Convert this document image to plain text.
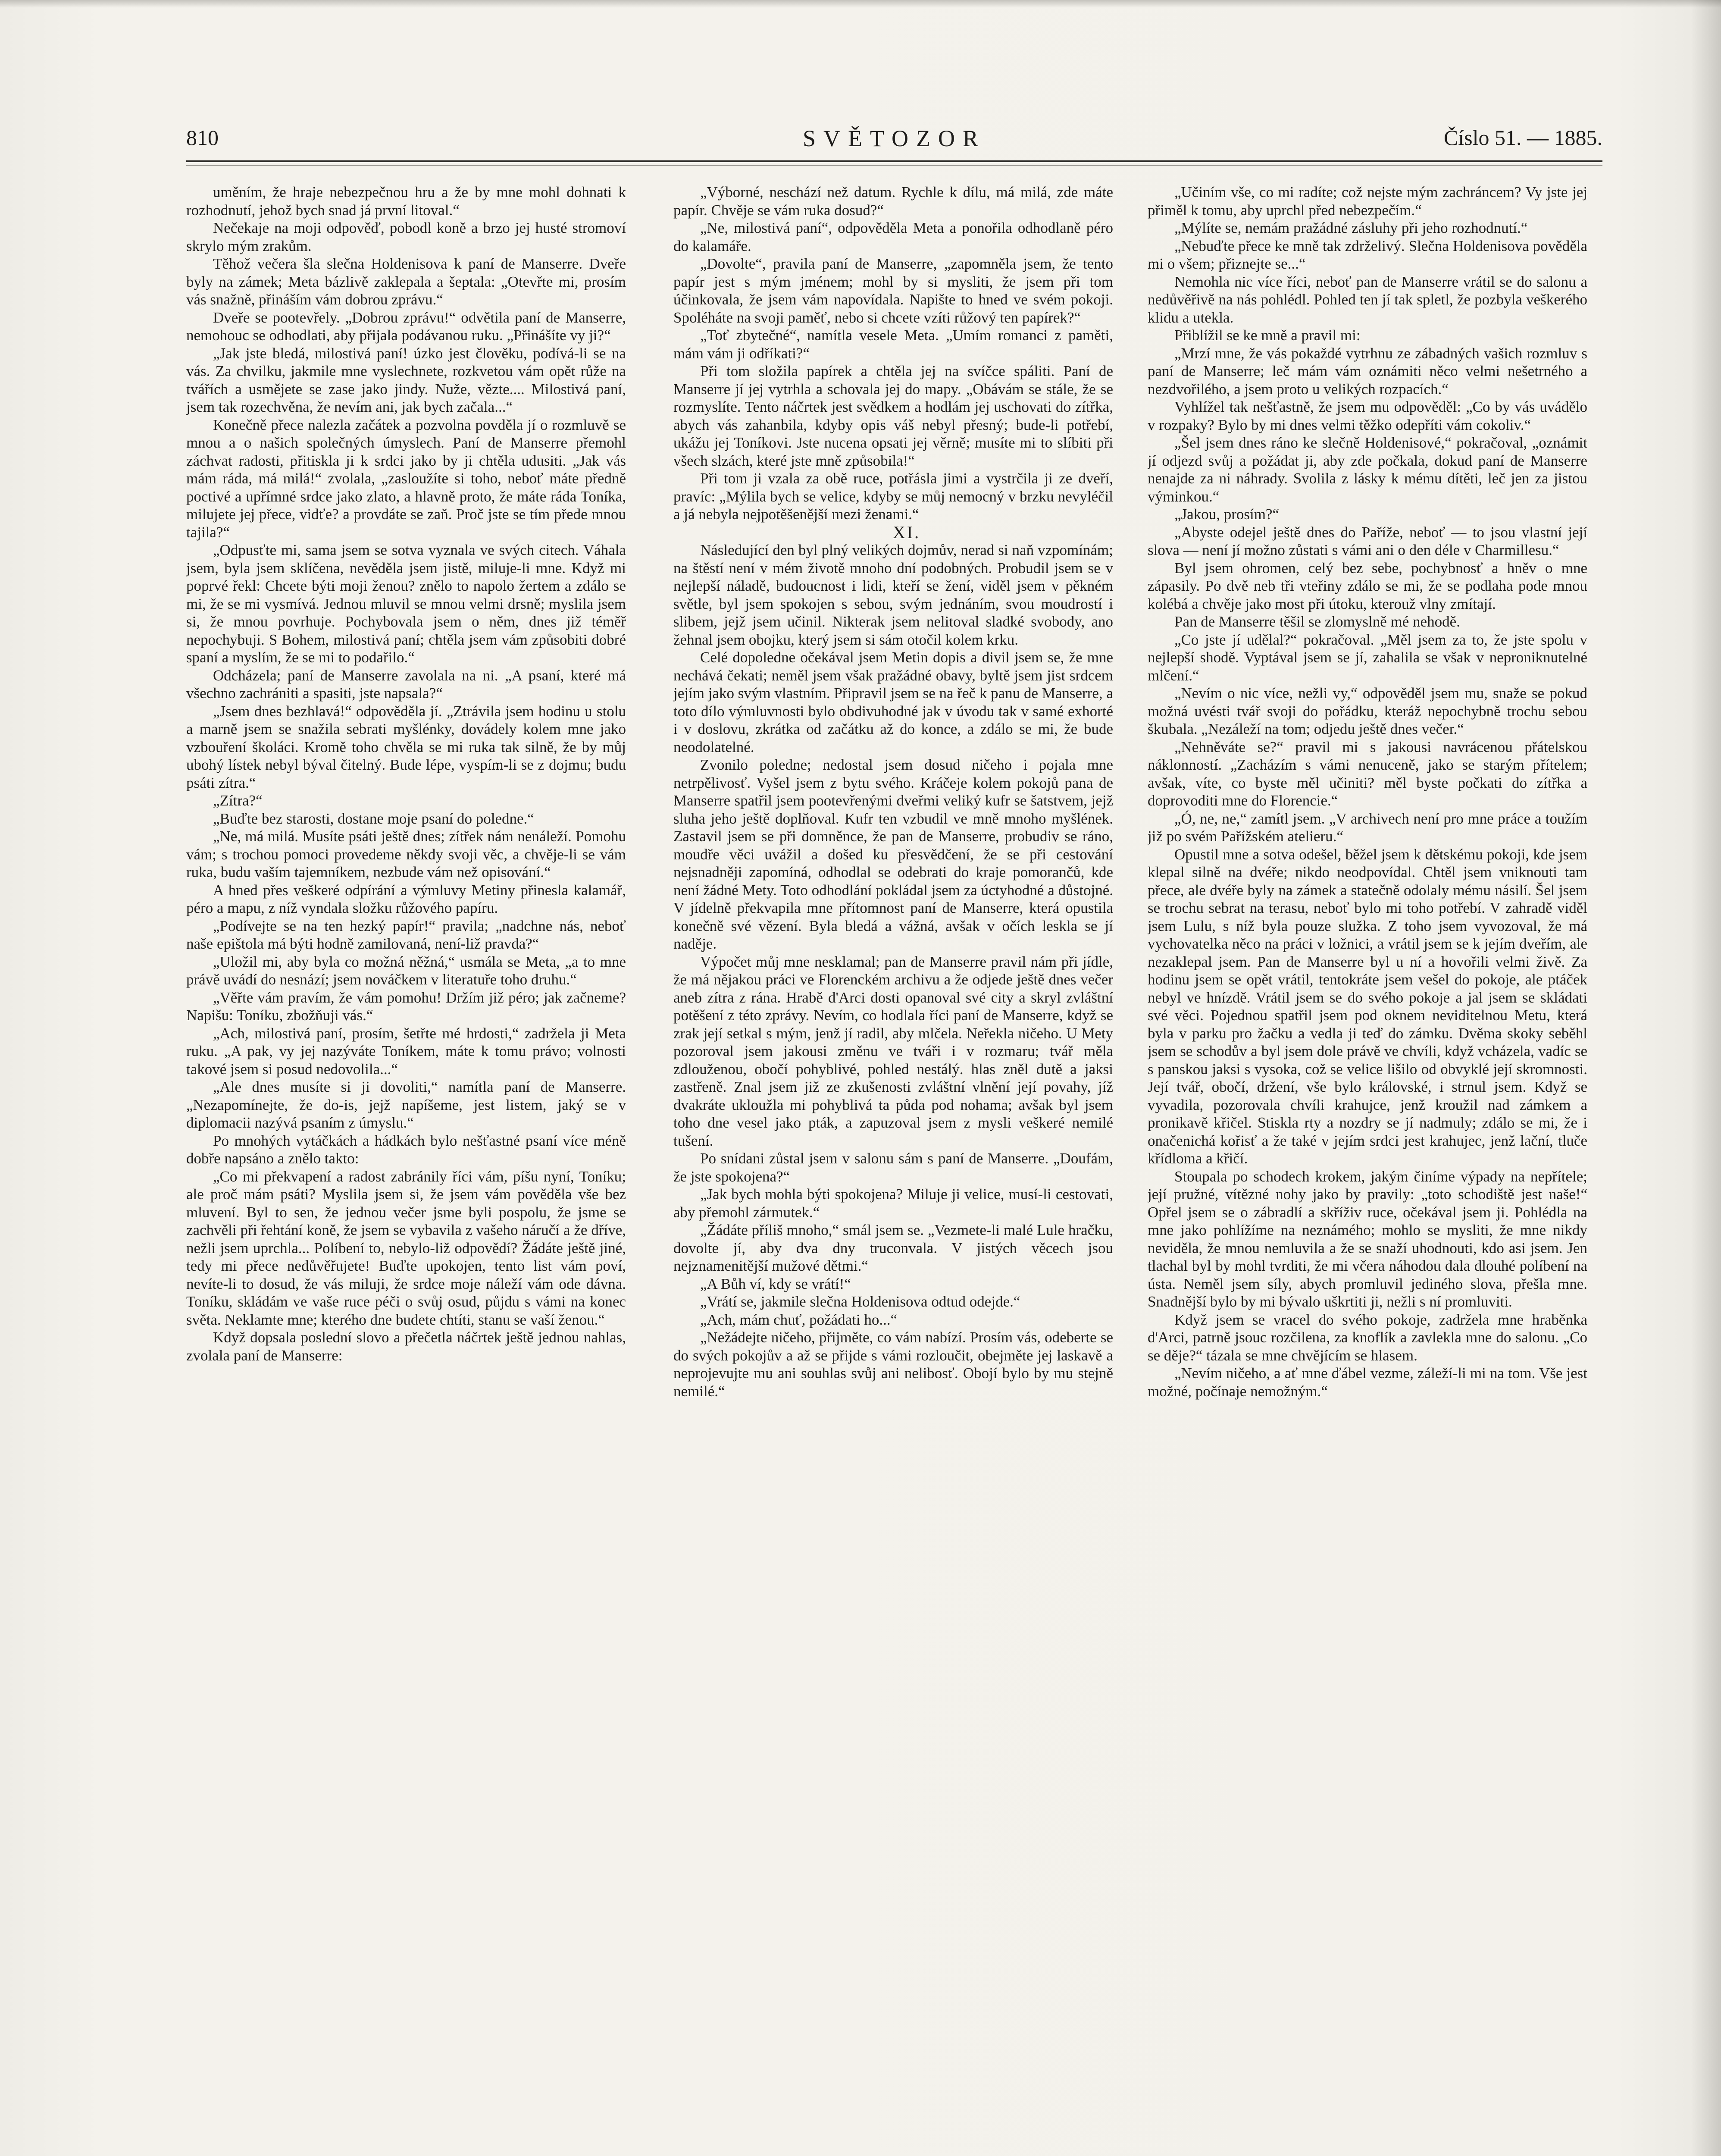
SVĚTOZOR
810	Číslo 51. — 1885.

uměním, že hraje nebezpečnou hru a že by mne mohl dohnati k rozhodnutí, jehož bych snad já první litoval.“

Nečekaje na moji odpověď, pobodl koně a brzo jej husté stromoví skrylo mým zrakům.

Těhož večera šla slečna Holdenisova k paní de Manserre. Dveře byly na zámek; Meta bázlivě zaklepala a šeptala: „Otevřte mi, prosím vás snažně, přináším vám dobrou zprávu.“

Dveře se pootevřely. „Dobrou zprávu!“ odvětila paní de Manserre, nemohouc se odhodlati, aby přijala podávanou ruku. „Přinášíte vy ji?“

„Jak jste bledá, milostivá paní! úzko jest člověku, podívá-li se na vás. Za chvilku, jakmile mne vyslechnete, rozkvetou vám opět růže na tvářích a usmějete se zase jako jindy. Nuže, vězte.... Milostivá paní, jsem tak rozechvěna, že nevím ani, jak bych začala...“

Konečně přece nalezla začátek a pozvolna povděla jí o rozmluvě se mnou a o našich společných úmyslech. Paní de Manserre přemohl záchvat radosti, přitiskla ji k srdci jako by ji chtěla udusiti. „Jak vás mám ráda, má milá!“ zvolala, „zasloužíte si toho, neboť máte předně poctivé a upřímné srdce jako zlato, a hlavně proto, že máte ráda Toníka, milujete jej přece, vidťe? a provdáte se zaň. Proč jste se tím přede mnou tajila?“

„Odpusťte mi, sama jsem se sotva vyznala ve svých citech. Váhala jsem, byla jsem sklíčena, nevěděla jsem jistě, miluje-li mne. Když mi poprvé řekl: Chcete býti moji ženou? znělo to napolo žertem a zdálo se mi, že se mi vysmívá. Jednou mluvil se mnou velmi drsně; myslila jsem si, že mnou povrhuje. Pochybovala jsem o něm, dnes již téměř nepochybuji. S Bohem, milostivá paní; chtěla jsem vám způsobiti dobré spaní a myslím, že se mi to podařilo.“

Odcházela; paní de Manserre zavolala na ni. „A psaní, které má všechno zachrániti a spasiti, jste napsala?“

„Jsem dnes bezhlavá!“ odpověděla jí. „Ztrávila jsem hodinu u stolu a marně jsem se snažila sebrati myšlénky, dovádely kolem mne jako vzbouření školáci. Kromě toho chvěla se mi ruka tak silně, že by můj ubohý lístek nebyl býval čitelný. Bude lépe, vyspím-li se z dojmu; budu psáti zítra.“

„Zítra?“

„Buďte bez starosti, dostane moje psaní do poledne.“

„Ne, má milá. Musíte psáti ještě dnes; zítřek nám nenáleží. Pomohu vám; s trochou pomoci provedeme někdy svoji věc, a chvěje-li se vám ruka, budu vaším tajemníkem, nezbude vám než opisování.“

A hned přes veškeré odpírání a výmluvy Metiny přinesla kalamář, péro a mapu, z níž vyndala složku růžového papíru.

„Podívejte se na ten hezký papír!“ pravila; „nadchne nás, neboť naše epištola má býti hodně zamilovaná, není-liž pravda?“

„Uložil mi, aby byla co možná něžná,“ usmála se Meta, „a to mne právě uvádí do nesnází; jsem nováčkem v literatuře toho druhu.“

„Věřte vám pravím, že vám pomohu! Držím již péro; jak začneme? Napišu: Toníku, zbožňuji vás.“

„Ach, milostivá paní, prosím, šetřte mé hrdosti,“ zadržela ji Meta ruku. „A pak, vy jej nazýváte Toníkem, máte k tomu právo; volnosti takové jsem si posud nedovolila...“

„Ale dnes musíte si ji dovoliti,“ namítla paní de Manserre. „Nezapomínejte, že do-is, jejž napíšeme, jest listem, jaký se v diplomacii nazývá psaním z úmyslu.“

Po mnohých vytáčkách a hádkách bylo nešťastné psaní více méně dobře napsáno a znělo takto:

„Co mi překvapení a radost zabránily říci vám, píšu nyní, Toníku; ale proč mám psáti? Myslila jsem si, že jsem vám pověděla vše bez mluvení. Byl to sen, že jednou večer jsme byli pospolu, že jsme se zachvěli při řehtání koně, že jsem se vybavila z vašeho náručí a že dříve, nežli jsem uprchla... Políbení to, nebylo-liž odpovědí? Žádáte ještě jiné, tedy mi přece nedůvěřujete! Buďte upokojen, tento list vám poví, nevíte-li to dosud, že vás miluji, že srdce moje náleží vám ode dávna. Toníku, skládám ve vaše ruce péči o svůj osud, půjdu s vámi na konec světa. Neklamte mne; kterého dne budete chtíti, stanu se vaší ženou.“

Když dopsala poslední slovo a přečetla náčrtek ještě jednou nahlas, zvolala paní de Manserre:

„Výborné, neschází než datum. Rychle k dílu, má milá, zde máte papír. Chvěje se vám ruka dosud?“

„Ne, milostivá paní“, odpověděla Meta a ponořila odhodlaně péro do kalamáře.

„Dovolte“, pravila paní de Manserre, „zapomněla jsem, že tento papír jest s mým jménem; mohl by si mysliti, že jsem při tom účinkovala, že jsem vám napovídala. Napište to hned ve svém pokoji. Spoléháte na svoji paměť, nebo si chcete vzíti růžový ten papírek?“

„Toť zbytečné“, namítla vesele Meta. „Umím romanci z paměti, mám vám ji odříkati?“

Při tom složila papírek a chtěla jej na svíčce spáliti. Paní de Manserre jí jej vytrhla a schovala jej do mapy. „Obávám se stále, že se rozmyslíte. Tento náčrtek jest svědkem a hodlám jej uschovati do zítřka, abych vás zahanbila, kdyby opis váš nebyl přesný; bude-li potřebí, ukážu jej Toníkovi. Jste nucena opsati jej věrně; musíte mi to slíbiti při všech slzách, které jste mně způsobila!“

Při tom ji vzala za obě ruce, potřásla jimi a vystrčila ji ze dveří, pravíc: „Mýlila bych se velice, kdyby se můj nemocný v brzku nevyléčil a já nebyla nejpotěšenější mezi ženami.“

XI.

Následující den byl plný velikých dojmův, nerad si naň vzpomínám; na štěstí není v mém životě mnoho dní podobných. Probudil jsem se v nejlepší náladě, budoucnost i lidi, kteří se žení, viděl jsem v pěkném světle, byl jsem spokojen s sebou, svým jednáním, svou moudrostí i slibem, jejž jsem učinil. Nikterak jsem nelitoval sladké svobody, ano žehnal jsem obojku, který jsem si sám otočil kolem krku.

Celé dopoledne očekával jsem Metin dopis a divil jsem se, že mne nechává čekati; neměl jsem však pražádné obavy, byltě jsem jist srdcem jejím jako svým vlastním. Připravil jsem se na řeč k panu de Manserre, a toto dílo výmluvnosti bylo obdivuhodné jak v úvodu tak v samé exhorté i v doslovu, zkrátka od začátku až do konce, a zdálo se mi, že bude neodolatelné.

Zvonilo poledne; nedostal jsem dosud ničeho i pojala mne netrpělivosť. Vyšel jsem z bytu svého. Kráčeje kolem pokojů pana de Manserre spatřil jsem pootevřenými dveřmi veliký kufr se šatstvem, jejž sluha jeho ještě doplňoval. Kufr ten vzbudil ve mně mnoho myšlének. Zastavil jsem se při domněnce, že pan de Manserre, probudiv se ráno, moudře věci uvážil a došed ku přesvědčení, že se při cestování nejsnadněji zapomíná, odhodlal se odebrati do kraje pomorančů, kde není žádné Mety. Toto odhodlání pokládal jsem za úctyhodné a důstojné. V jídelně překvapila mne přítomnost paní de Manserre, která opustila konečně své vězení. Byla bledá a vážná, avšak v očích leskla se jí naděje.

Výpočet můj mne nesklamal; pan de Manserre pravil nám při jídle, že má nějakou práci ve Florenckém archivu a že odjede ještě dnes večer aneb zítra z rána. Hrabě d'Arci dosti opanoval své city a skryl zvláštní potěšení z této zprávy. Nevím, co hodlala říci paní de Manserre, když se zrak její setkal s mým, jenž jí radil, aby mlčela. Neřekla ničeho. U Mety pozoroval jsem jakousi změnu ve tváři i v rozmaru; tvář měla zdlouženou, obočí pohyblivé, pohled nestálý. hlas zněl dutě a jaksi zastřeně. Znal jsem již ze zkušenosti zvláštní vlnění její povahy, jíž dvakráte ukloužla mi pohyblivá ta půda pod nohama; avšak byl jsem toho dne vesel jako pták, a zapuzoval jsem z mysli veškeré nemilé tušení.

Po snídani zůstal jsem v salonu sám s paní de Manserre. „Doufám, že jste spokojena?“

„Jak bych mohla býti spokojena? Miluje ji velice, musí-li cestovati, aby přemohl zármutek.“

„Žádáte příliš mnoho,“ smál jsem se. „Vezmete-li malé Lule hračku, dovolte jí, aby dva dny truconvala. V jistých věcech jsou nejznamenitější mužové dětmi.“

„A Bůh ví, kdy se vrátí!“

„Vrátí se, jakmile slečna Holdenisova odtud odejde.“

„Ach, mám chuť, požádati ho...“

„Nežádejte ničeho, přijměte, co vám nabízí. Prosím vás, odeberte se do svých pokojův a až se přijde s vámi rozloučit, obejměte jej laskavě a neprojevujte mu ani souhlas svůj ani nelibosť. Obojí bylo by mu stejně nemilé.“

„Učiním vše, co mi radíte; což nejste mým zachráncem? Vy jste jej přiměl k tomu, aby uprchl před nebezpečím.“

„Mýlíte se, nemám pražádné zásluhy při jeho rozhodnutí.“

„Nebuďte přece ke mně tak zdrželivý. Slečna Holdenisova pověděla mi o všem; přiznejte se...“

Nemohla nic více říci, neboť pan de Manserre vrátil se do salonu a nedůvěřivě na nás pohlédl. Pohled ten jí tak spletl, že pozbyla veškerého klidu a utekla.

Přiblížil se ke mně a pravil mi:

„Mrzí mne, že vás pokaždé vytrhnu ze zábadných vašich rozmluv s paní de Manserre; leč mám vám oznámiti něco velmi nešetrného a nezdvořilého, a jsem proto u velikých rozpacích.“

Vyhlížel tak nešťastně, že jsem mu odpověděl: „Co by vás uvádělo v rozpaky? Bylo by mi dnes velmi těžko odepříti vám cokoliv.“

„Šel jsem dnes ráno ke slečně Holdenisové,“ pokračoval, „oznámit jí odjezd svůj a požádat ji, aby zde počkala, dokud paní de Manserre nenajde za ni náhrady. Svolila z lásky k mému dítěti, leč jen za jistou výminkou.“

„Jakou, prosím?“

„Abyste odejel ještě dnes do Paříže, neboť — to jsou vlastní její slova — není jí možno zůstati s vámi ani o den déle v Charmillesu.“

Byl jsem ohromen, celý bez sebe, pochybnosť a hněv o mne zápasily. Po dvě neb tři vteřiny zdálo se mi, že se podlaha pode mnou kolébá a chvěje jako most při útoku, kterouž vlny zmítají.

Pan de Manserre těšil se zlomyslně mé nehodě.

„Co jste jí udělal?“ pokračoval. „Měl jsem za to, že jste spolu v nejlepší shodě. Vyptával jsem se jí, zahalila se však v neproniknutelné mlčení.“

„Nevím o nic více, nežli vy,“ odpověděl jsem mu, snaže se pokud možná uvésti tvář svoji do pořádku, kteráž nepochybně trochu sebou škubala. „Nezáleží na tom; odjedu ještě dnes večer.“

„Nehněváte se?“ pravil mi s jakousi navrácenou přátelskou náklonností. „Zacházím s vámi nenuceně, jako se starým přítelem; avšak, víte, co byste měl učiniti? měl byste počkati do zítřka a doprovoditi mne do Florencie.“

„Ó, ne, ne,“ zamítl jsem. „V archivech není pro mne práce a toužím již po svém Pařížském atelieru.“

Opustil mne a sotva odešel, běžel jsem k dětskému pokoji, kde jsem klepal silně na dvéře; nikdo neodpovídal. Chtěl jsem vniknouti tam přece, ale dvéře byly na zámek a statečně odolaly mému násilí. Šel jsem se trochu sebrat na terasu, neboť bylo mi toho potřebí. V zahradě viděl jsem Lulu, s níž byla pouze služka. Z toho jsem vyvozoval, že má vychovatelka něco na práci v ložnici, a vrátil jsem se k jejím dveřím, ale nezaklepal jsem. Pan de Manserre byl u ní a hovořili velmi živě. Za hodinu jsem se opět vrátil, tentokráte jsem vešel do pokoje, ale ptáček nebyl ve hnízdě. Vrátil jsem se do svého pokoje a jal jsem se skládati své věci. Pojednou spatřil jsem pod oknem neviditelnou Metu, která byla v parku pro žačku a vedla ji teď do zámku. Dvěma skoky seběhl jsem se schodův a byl jsem dole právě ve chvíli, když vcházela, vadíc se s panskou jaksi s vysoka, což se velice lišilo od obvyklé její skromnosti. Její tvář, obočí, držení, vše bylo královské, i strnul jsem. Když se vyvadila, pozorovala chvíli krahujce, jenž kroužil nad zámkem a pronikavě křičel. Stiskla rty a nozdry se jí nadmuly; zdálo se mi, že i onačenichá kořisť a že také v jejím srdci jest krahujec, jenž lační, tluče křídloma a křičí.

Stoupala po schodech krokem, jakým činíme výpady na nepřítele; její pružné, vítězné nohy jako by pravily: „toto schodiště jest naše!“ Opřel jsem se o zábradlí a skříživ ruce, očekával jsem ji. Pohlédla na mne jako pohlížíme na neznámého; mohlo se mysliti, že mne nikdy neviděla, že mnou nemluvila a že se snaží uhodnouti, kdo asi jsem. Jen tlachal byl by mohl tvrditi, že mi včera náhodou dala dlouhé políbení na ústa. Neměl jsem síly, abych promluvil jediného slova, přešla mne. Snadnější bylo by mi bývalo uškrtiti ji, nežli s ní promluviti.

Když jsem se vracel do svého pokoje, zadržela mne hraběnka d'Arci, patrně jsouc rozčilena, za knoflík a zavlekla mne do salonu. „Co se děje?“ tázala se mne chvějícím se hlasem.

„Nevím ničeho, a ať mne ďábel vezme, záleží-li mi na tom. Vše jest možné, počínaje nemožným.“
